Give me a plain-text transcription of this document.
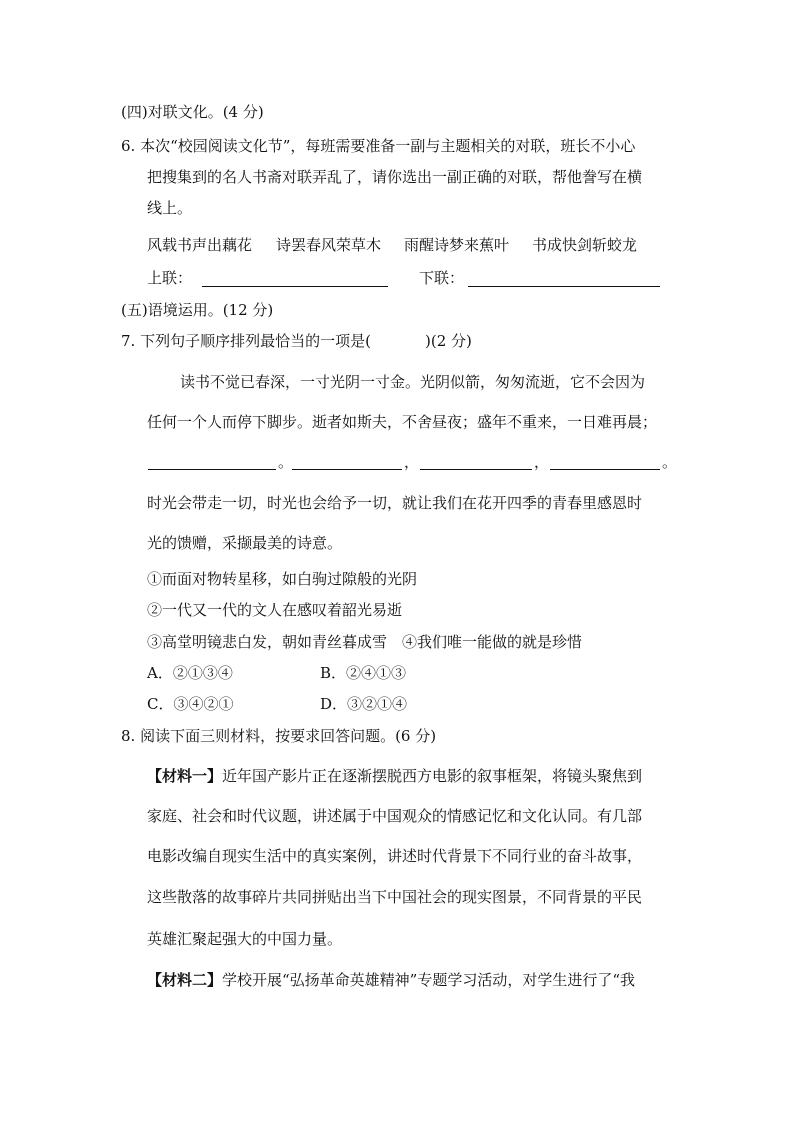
(四)对联文化。(4 分)
6. 本次“校园阅读文化节”，每班需要准备一副与主题相关的对联，班长不小心
把搜集到的名人书斋对联弄乱了，请你选出一副正确的对联，帮他誊写在横
线上。
风载书声出藕花 诗罢春风荣草木 雨醒诗梦来蕉叶 书成快剑斩蛟龙
上联：	下联：
(五)语境运用。(12 分)
7. 下列句子顺序排列最恰当的一项是(	)(2 分)
读书不觉已春深，一寸光阴一寸金。光阴似箭，匆匆流逝，它不会因为
任何一个人而停下脚步。逝者如斯夫，不舍昼夜；盛年不重来，一日难再晨；
。	，	，	。
时光会带走一切，时光也会给予一切，就让我们在花开四季的青春里感恩时
光的馈赠，采撷最美的诗意。
①而面对物转星移，如白驹过隙般的光阴
②一代又一代的文人在感叹着韶光易逝
③高堂明镜悲白发，朝如青丝暮成雪　④我们唯一能做的就是珍惜
A．②①③④	B．②④①③
C．③④②①	D．③②①④
8. 阅读下面三则材料，按要求回答问题。(6 分)
【材料一】近年国产影片正在逐渐摆脱西方电影的叙事框架，将镜头聚焦到
家庭、社会和时代议题，讲述属于中国观众的情感记忆和文化认同。有几部
电影改编自现实生活中的真实案例，讲述时代背景下不同行业的奋斗故事，
这些散落的故事碎片共同拼贴出当下中国社会的现实图景，不同背景的平民
英雄汇聚起强大的中国力量。
【材料二】学校开展“弘扬革命英雄精神”专题学习活动，对学生进行了“我
